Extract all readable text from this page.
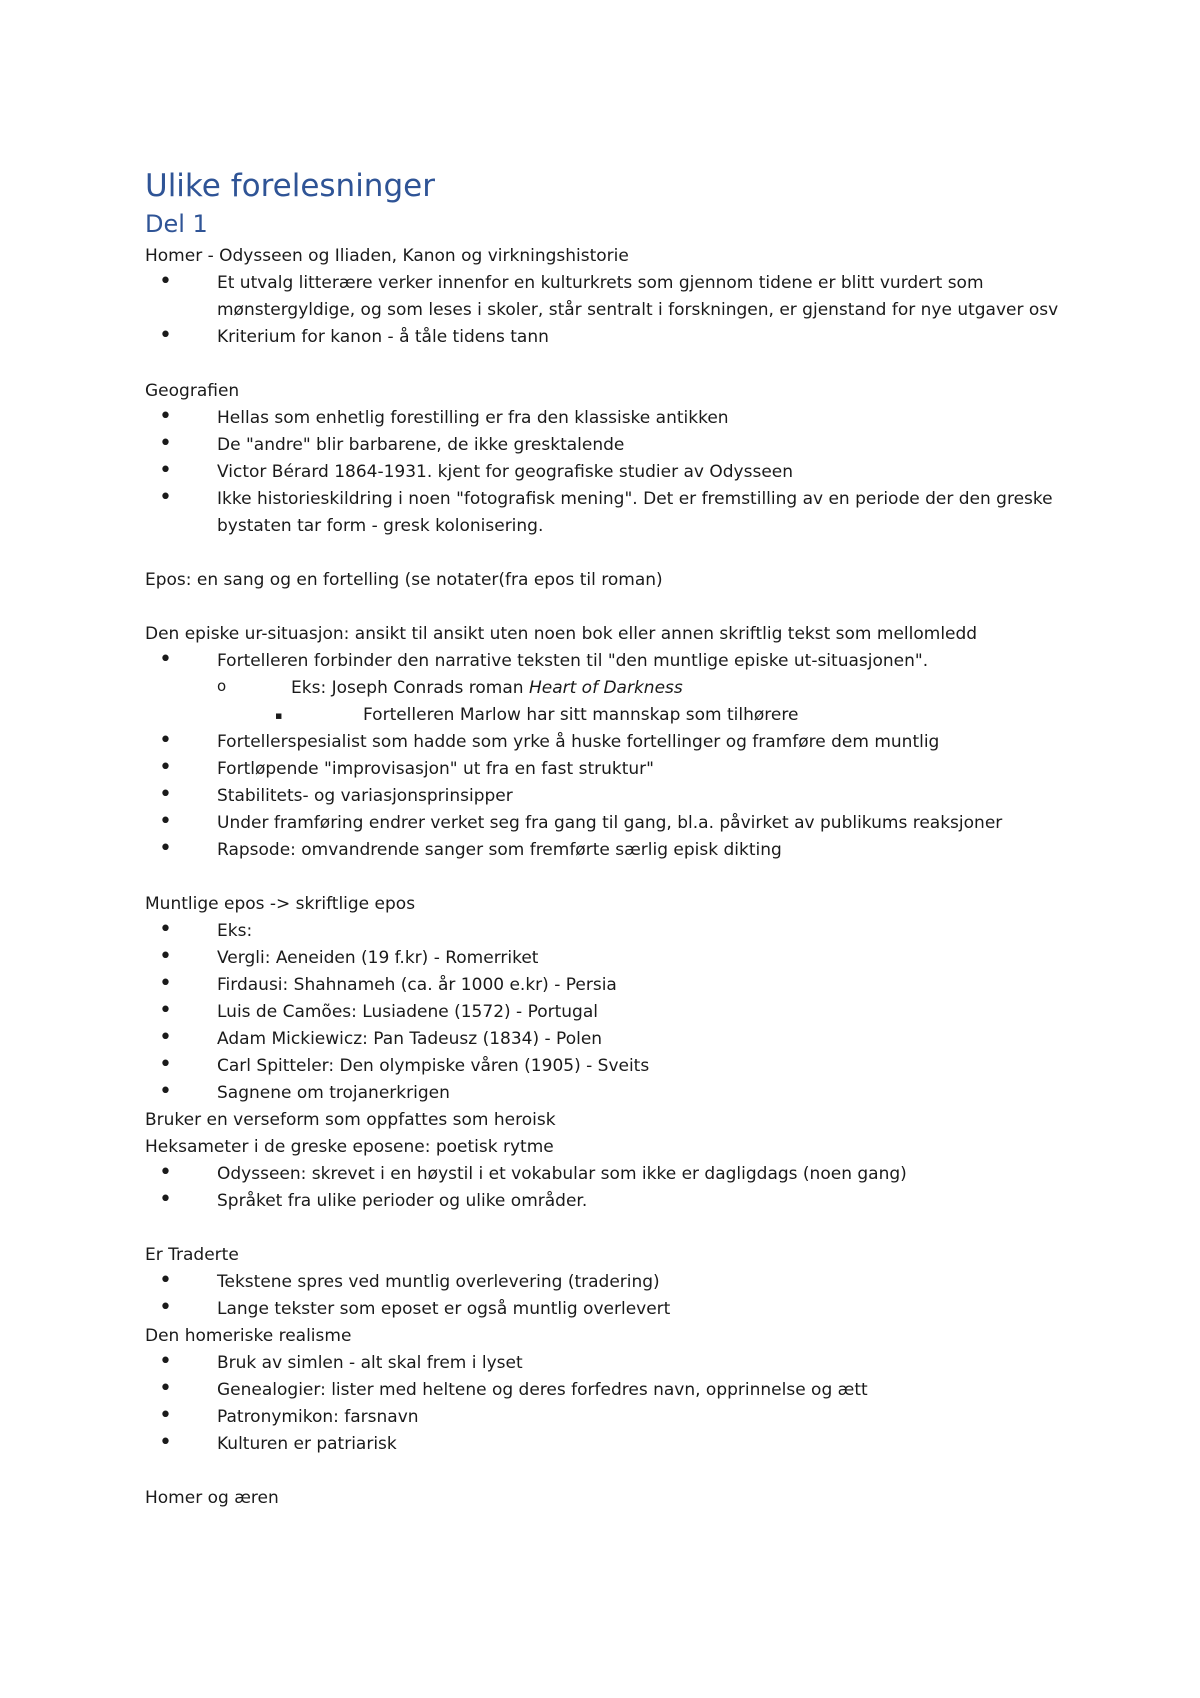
Ulike forelesninger
Del 1

Homer - Odysseen og Iliaden, Kanon og virkningshistorie

• Et utvalg litterære verker innenfor en kulturkrets som gjennom tidene er blitt vurdert som mønstergyldige, og som leses i skoler, står sentralt i forskningen, er gjenstand for nye utgaver osv
• Kriterium for kanon - å tåle tidens tann

Geografien

• Hellas som enhetlig forestilling er fra den klassiske antikken
• De "andre" blir barbarene, de ikke gresktalende
• Victor Bérard 1864-1931. kjent for geografiske studier av Odysseen
• Ikke historieskildring i noen "fotografisk mening". Det er fremstilling av en periode der den greske bystaten tar form - gresk kolonisering.

Epos: en sang og en fortelling (se notater(fra epos til roman)

Den episke ur-situasjon: ansikt til ansikt uten noen bok eller annen skriftlig tekst som mellomledd

• Fortelleren forbinder den narrative teksten til "den muntlige episke ut-situasjonen".
o Eks: Joseph Conrads roman Heart of Darkness
▪ Fortelleren Marlow har sitt mannskap som tilhørere
• Fortellerspesialist som hadde som yrke å huske fortellinger og framføre dem muntlig
• Fortløpende "improvisasjon" ut fra en fast struktur"
• Stabilitets- og variasjonsprinsipper
• Under framføring endrer verket seg fra gang til gang, bl.a. påvirket av publikums reaksjoner
• Rapsode: omvandrende sanger som fremførte særlig episk dikting

Muntlige epos -> skriftlige epos

• Eks:
• Vergli: Aeneiden (19 f.kr) - Romerriket
• Firdausi: Shahnameh (ca. år 1000 e.kr) - Persia
• Luis de Camões: Lusiadene (1572) - Portugal
• Adam Mickiewicz: Pan Tadeusz (1834) - Polen
• Carl Spitteler: Den olympiske våren (1905) - Sveits
• Sagnene om trojanerkrigen

Bruker en verseform som oppfattes som heroisk

Heksameter i de greske eposene: poetisk rytme

• Odysseen: skrevet i en høystil i et vokabular som ikke er dagligdags (noen gang)
• Språket fra ulike perioder og ulike områder.

Er Traderte

• Tekstene spres ved muntlig overlevering (tradering)
• Lange tekster som eposet er også muntlig overlevert

Den homeriske realisme

• Bruk av simlen - alt skal frem i lyset
• Genealogier: lister med heltene og deres forfedres navn, opprinnelse og ætt
• Patronymikon: farsnavn
• Kulturen er patriarisk

Homer og æren
